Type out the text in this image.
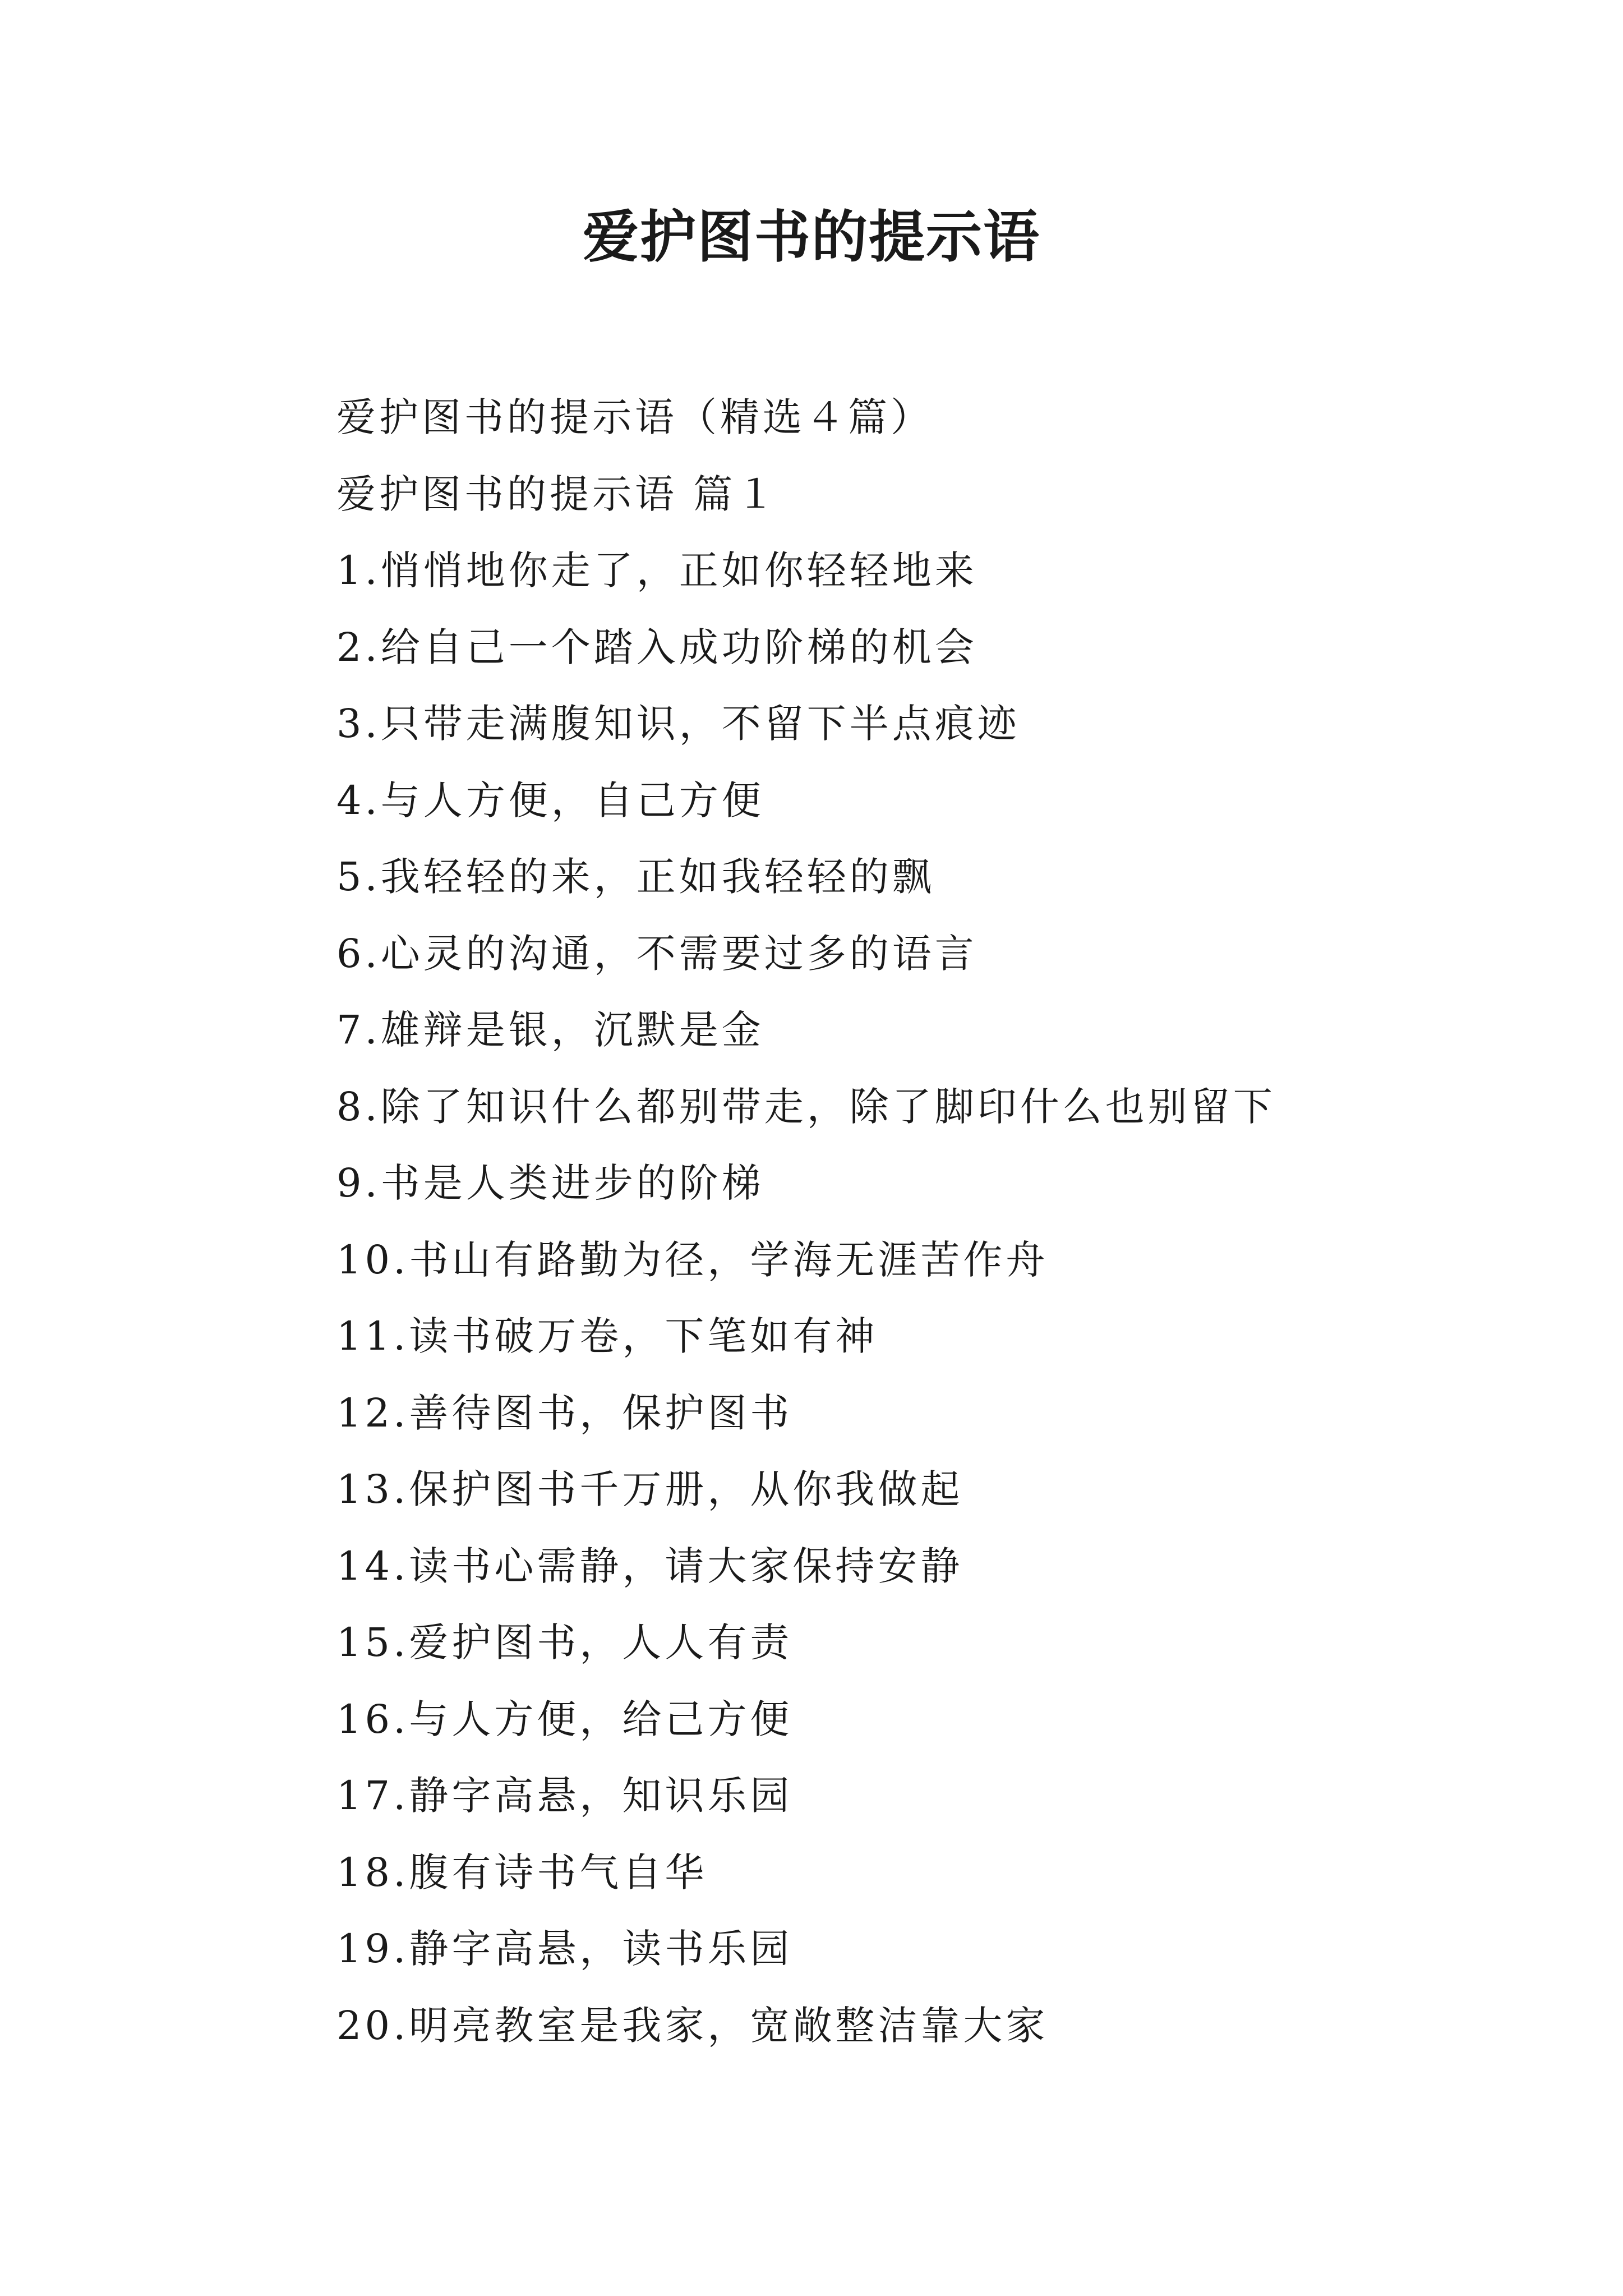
爱护图书的提示语
爱护图书的提示语（精选４篇）
爱护图书的提示语 篇１
1.悄悄地你走了，正如你轻轻地来
2.给自己一个踏入成功阶梯的机会
3.只带走满腹知识，不留下半点痕迹
4.与人方便，自己方便
5.我轻轻的来，正如我轻轻的飘
6.心灵的沟通，不需要过多的语言
7.雄辩是银，沉默是金
8.除了知识什么都别带走，除了脚印什么也别留下
9.书是人类进步的阶梯
10.书山有路勤为径，学海无涯苦作舟
11.读书破万卷，下笔如有神
12.善待图书，保护图书
13.保护图书千万册，从你我做起
14.读书心需静，请大家保持安静
15.爱护图书，人人有责
16.与人方便，给己方便
17.静字高悬，知识乐园
18.腹有诗书气自华
19.静字高悬，读书乐园
20.明亮教室是我家，宽敞整洁靠大家
